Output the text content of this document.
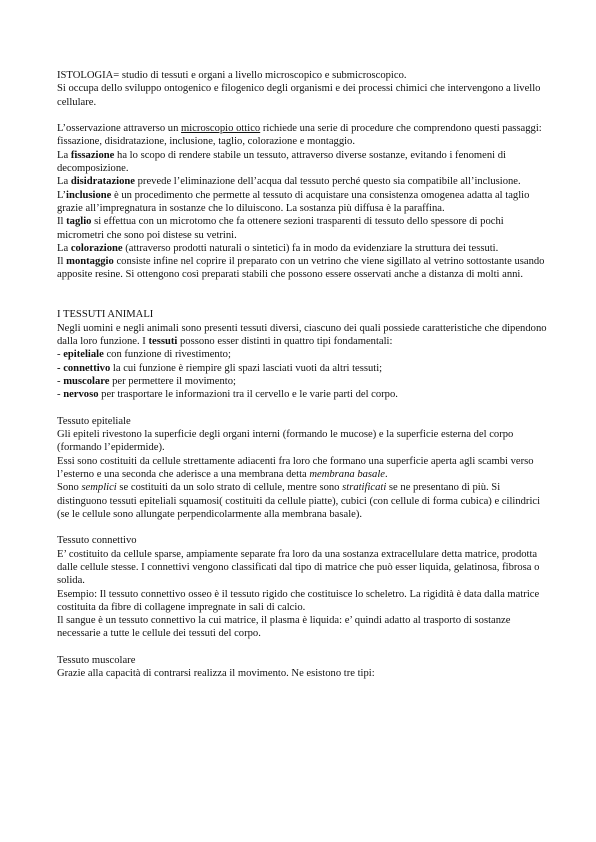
ISTOLOGIA= studio di tessuti e organi a livello microscopico e submicroscopico.

Si occupa dello sviluppo ontogenico e filogenico degli organismi e dei processi chimici che intervengono a livello cellulare.

L’osservazione attraverso un microscopio ottico richiede una serie di procedure che comprendono questi passaggi: fissazione, disidratazione, inclusione, taglio, colorazione e montaggio.

La fissazione ha lo scopo di rendere stabile un tessuto, attraverso diverse sostanze, evitando i fenomeni di decomposizione.

La disidratazione prevede l’eliminazione dell’acqua dal tessuto perché questo sia compatibile all’inclusione.

L’inclusione è un procedimento che permette al tessuto di acquistare una consistenza omogenea adatta al taglio grazie all’impregnatura in sostanze che lo diluiscono. La sostanza più diffusa è la paraffina.

Il taglio si effettua con un microtomo che fa ottenere sezioni trasparenti di tessuto dello spessore di pochi micrometri che sono poi distese su vetrini.

La colorazione (attraverso prodotti naturali o sintetici) fa in modo da evidenziare la struttura dei tessuti.

Il montaggio consiste infine nel coprire il preparato con un vetrino che viene sigillato al vetrino sottostante usando apposite resine. Si ottengono così preparati stabili che possono essere osservati anche a distanza di molti anni.

I TESSUTI ANIMALI

Negli uomini e negli animali sono presenti tessuti diversi, ciascuno dei quali possiede caratteristiche che dipendono dalla loro funzione. I tessuti possono esser distinti in quattro tipi fondamentali:

- epiteliale con funzione di rivestimento;

- connettivo la cui funzione è riempire gli spazi lasciati vuoti da altri tessuti;

- muscolare per permettere il movimento;

- nervoso per trasportare le informazioni tra il cervello e le varie parti del corpo.

Tessuto epiteliale

Gli epiteli rivestono la superficie degli organi interni (formando le mucose) e la superficie esterna del corpo (formando l’epidermide).

Essi sono costituiti da cellule strettamente adiacenti fra loro che formano una superficie aperta agli scambi verso l’esterno e una seconda che aderisce a una membrana detta membrana basale.

Sono semplici se costituiti da un solo strato di cellule, mentre sono stratificati se ne presentano di più. Si distinguono tessuti epiteliali squamosi( costituiti da cellule piatte), cubici (con cellule di forma cubica) e cilindrici (se le cellule sono allungate perpendicolarmente alla membrana basale).

Tessuto connettivo

E’ costituito da cellule sparse, ampiamente separate fra loro da una sostanza extracellulare detta matrice, prodotta dalle cellule stesse. I connettivi vengono classificati dal tipo di matrice che può esser liquida, gelatinosa, fibrosa o solida.

Esempio: Il tessuto connettivo osseo è il tessuto rigido che costituisce lo scheletro. La rigidità è data dalla matrice costituita da fibre di collagene impregnate in sali di calcio.

Il sangue è un tessuto connettivo la cui matrice, il plasma è liquida: e’ quindi adatto al trasporto di sostanze necessarie a tutte le cellule dei tessuti del corpo.

Tessuto muscolare

Grazie alla capacità di contrarsi realizza il movimento. Ne esistono tre tipi:
